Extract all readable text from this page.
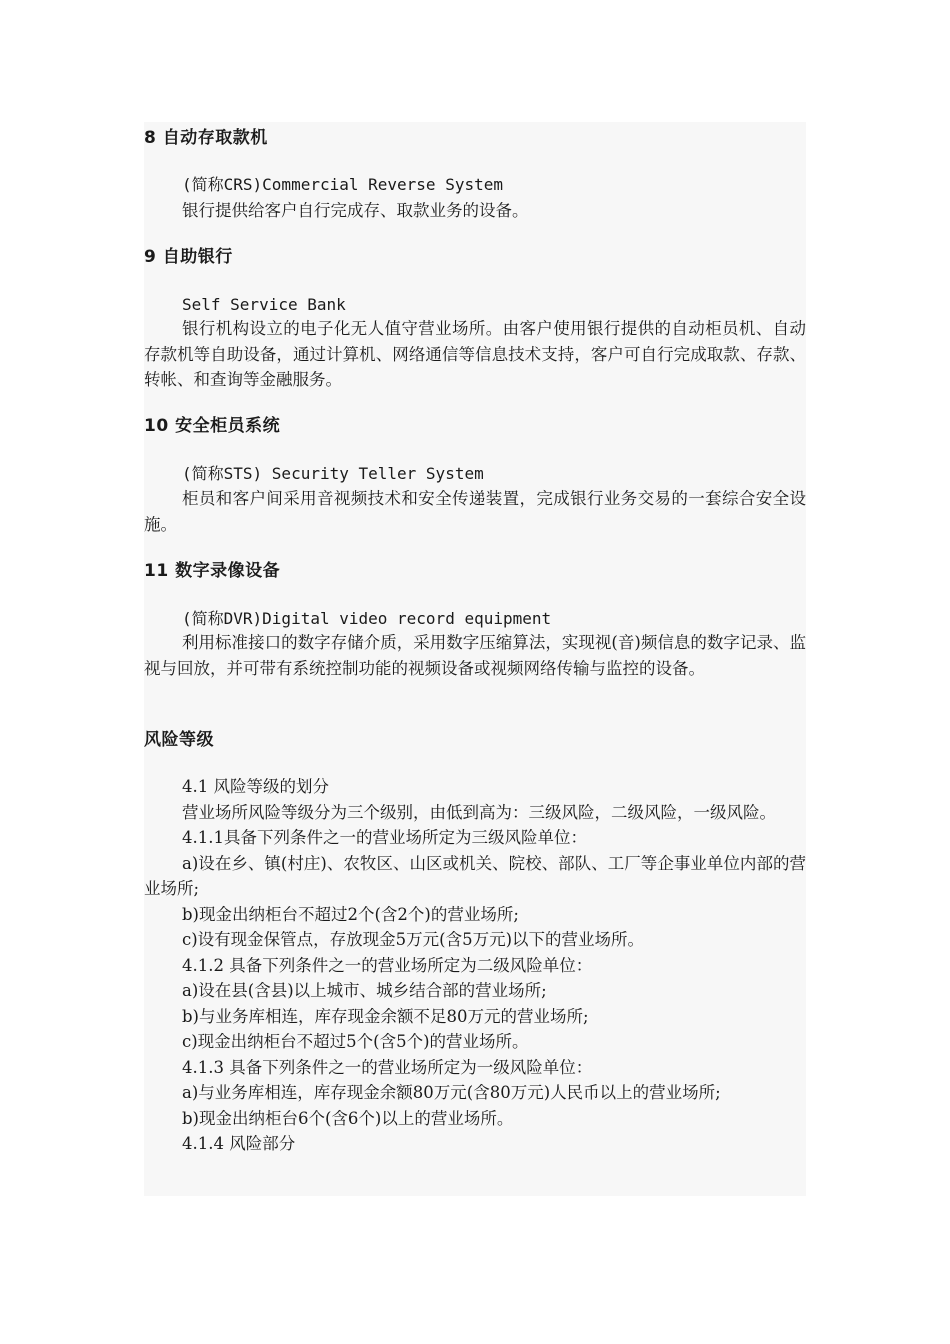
8 自动存取款机
(简称CRS)Commercial Reverse System
银行提供给客户自行完成存、取款业务的设备。
9 自助银行
Self Service Bank
银行机构设立的电子化无人值守营业场所。由客户使用银行提供的自动柜员机、自动存款机等自助设备，通过计算机、网络通信等信息技术支持，客户可自行完成取款、存款、转帐、和查询等金融服务。
10 安全柜员系统
(简称STS) Security Teller System
柜员和客户间采用音视频技术和安全传递装置，完成银行业务交易的一套综合安全设施。
11 数字录像设备
(简称DVR)Digital video record equipment
利用标准接口的数字存储介质，采用数字压缩算法，实现视(音)频信息的数字记录、监视与回放，并可带有系统控制功能的视频设备或视频网络传输与监控的设备。
风险等级

4.1 风险等级的划分

营业场所风险等级分为三个级别，由低到高为：三级风险，二级风险，一级风险。

4.1.1具备下列条件之一的营业场所定为三级风险单位：

a)设在乡、镇(村庄)、农牧区、山区或机关、院校、部队、工厂等企事业单位内部的营业场所;

b)现金出纳柜台不超过2个(含2个)的营业场所;

c)设有现金保管点，存放现金5万元(含5万元)以下的营业场所。

4.1.2 具备下列条件之一的营业场所定为二级风险单位：

a)设在县(含县)以上城市、城乡结合部的营业场所;

b)与业务库相连，库存现金余额不足80万元的营业场所;

c)现金出纳柜台不超过5个(含5个)的营业场所。

4.1.3 具备下列条件之一的营业场所定为一级风险单位：

a)与业务库相连，库存现金余额80万元(含80万元)人民币以上的营业场所;

b)现金出纳柜台6个(含6个)以上的营业场所。

4.1.4 风险部分
